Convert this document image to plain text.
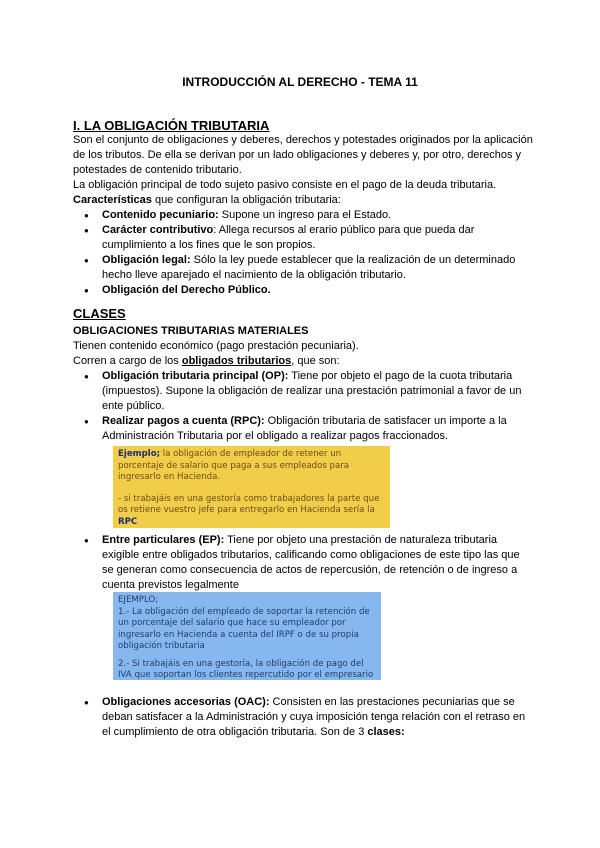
INTRODUCCIÓN AL DERECHO - TEMA 11
I. LA OBLIGACIÓN TRIBUTARIA

Son el conjunto de obligaciones y deberes, derechos y potestades originados por la aplicación de los tributos. De ella se derivan por un lado obligaciones y deberes y, por otro, derechos y potestades de contenido tributario.

La obligación principal de todo sujeto pasivo consiste en el pago de la deuda tributaria.

Características que configuran la obligación tributaria:

● Contenido pecuniario: Supone un ingreso para el Estado.
● Carácter contributivo: Allega recursos al erario público para que pueda dar cumplimiento a los fines que le son propios.
● Obligación legal: Sólo la ley puede establecer que la realización de un determinado hecho lleve aparejado el nacimiento de la obligación tributario.
● Obligación del Derecho Público.
CLASES

OBLIGACIONES TRIBUTARIAS MATERIALES

Tienen contenido económico (pago prestación pecuniaria).

Corren a cargo de los obligados tributarios, que son:

● Obligación tributaria principal (OP): Tiene por objeto el pago de la cuota tributaria (impuestos). Supone la obligación de realizar una prestación patrimonial a favor de un ente público.
● Realizar pagos a cuenta (RPC): Obligación tributaria de satisfacer un importe a la Administración Tributaria por el obligado a realizar pagos fraccionados.
Ejemplo; la obligación de empleador de retener un porcentaje de salario que paga a sus empleados para ingresarlo en Hacienda.
- si trabajáis en una gestoría como trabajadores la parte que os retiene vuestro jefe para entregarlo en Hacienda sería la RPC
● Entre particulares (EP): Tiene por objeto una prestación de naturaleza tributaria exigible entre obligados tributarios, calificando como obligaciones de este tipo las que se generan como consecuencia de actos de repercusión, de retención o de ingreso a cuenta previstos legalmente
EJEMPLO;
1.- La obligación del empleado de soportar la retención de un porcentaje del salario que hace su empleador por ingresarlo en Hacienda a cuenta del IRPF o de su propia obligación tributaria
2.- Si trabajáis en una gestoría, la obligación de pago del IVA que soportan los clientes repercutido por el empresario
● Obligaciones accesorias (OAC): Consisten en las prestaciones pecuniarias que se deban satisfacer a la Administración y cuya imposición tenga relación con el retraso en el cumplimiento de otra obligación tributaria. Son de 3 clases:
